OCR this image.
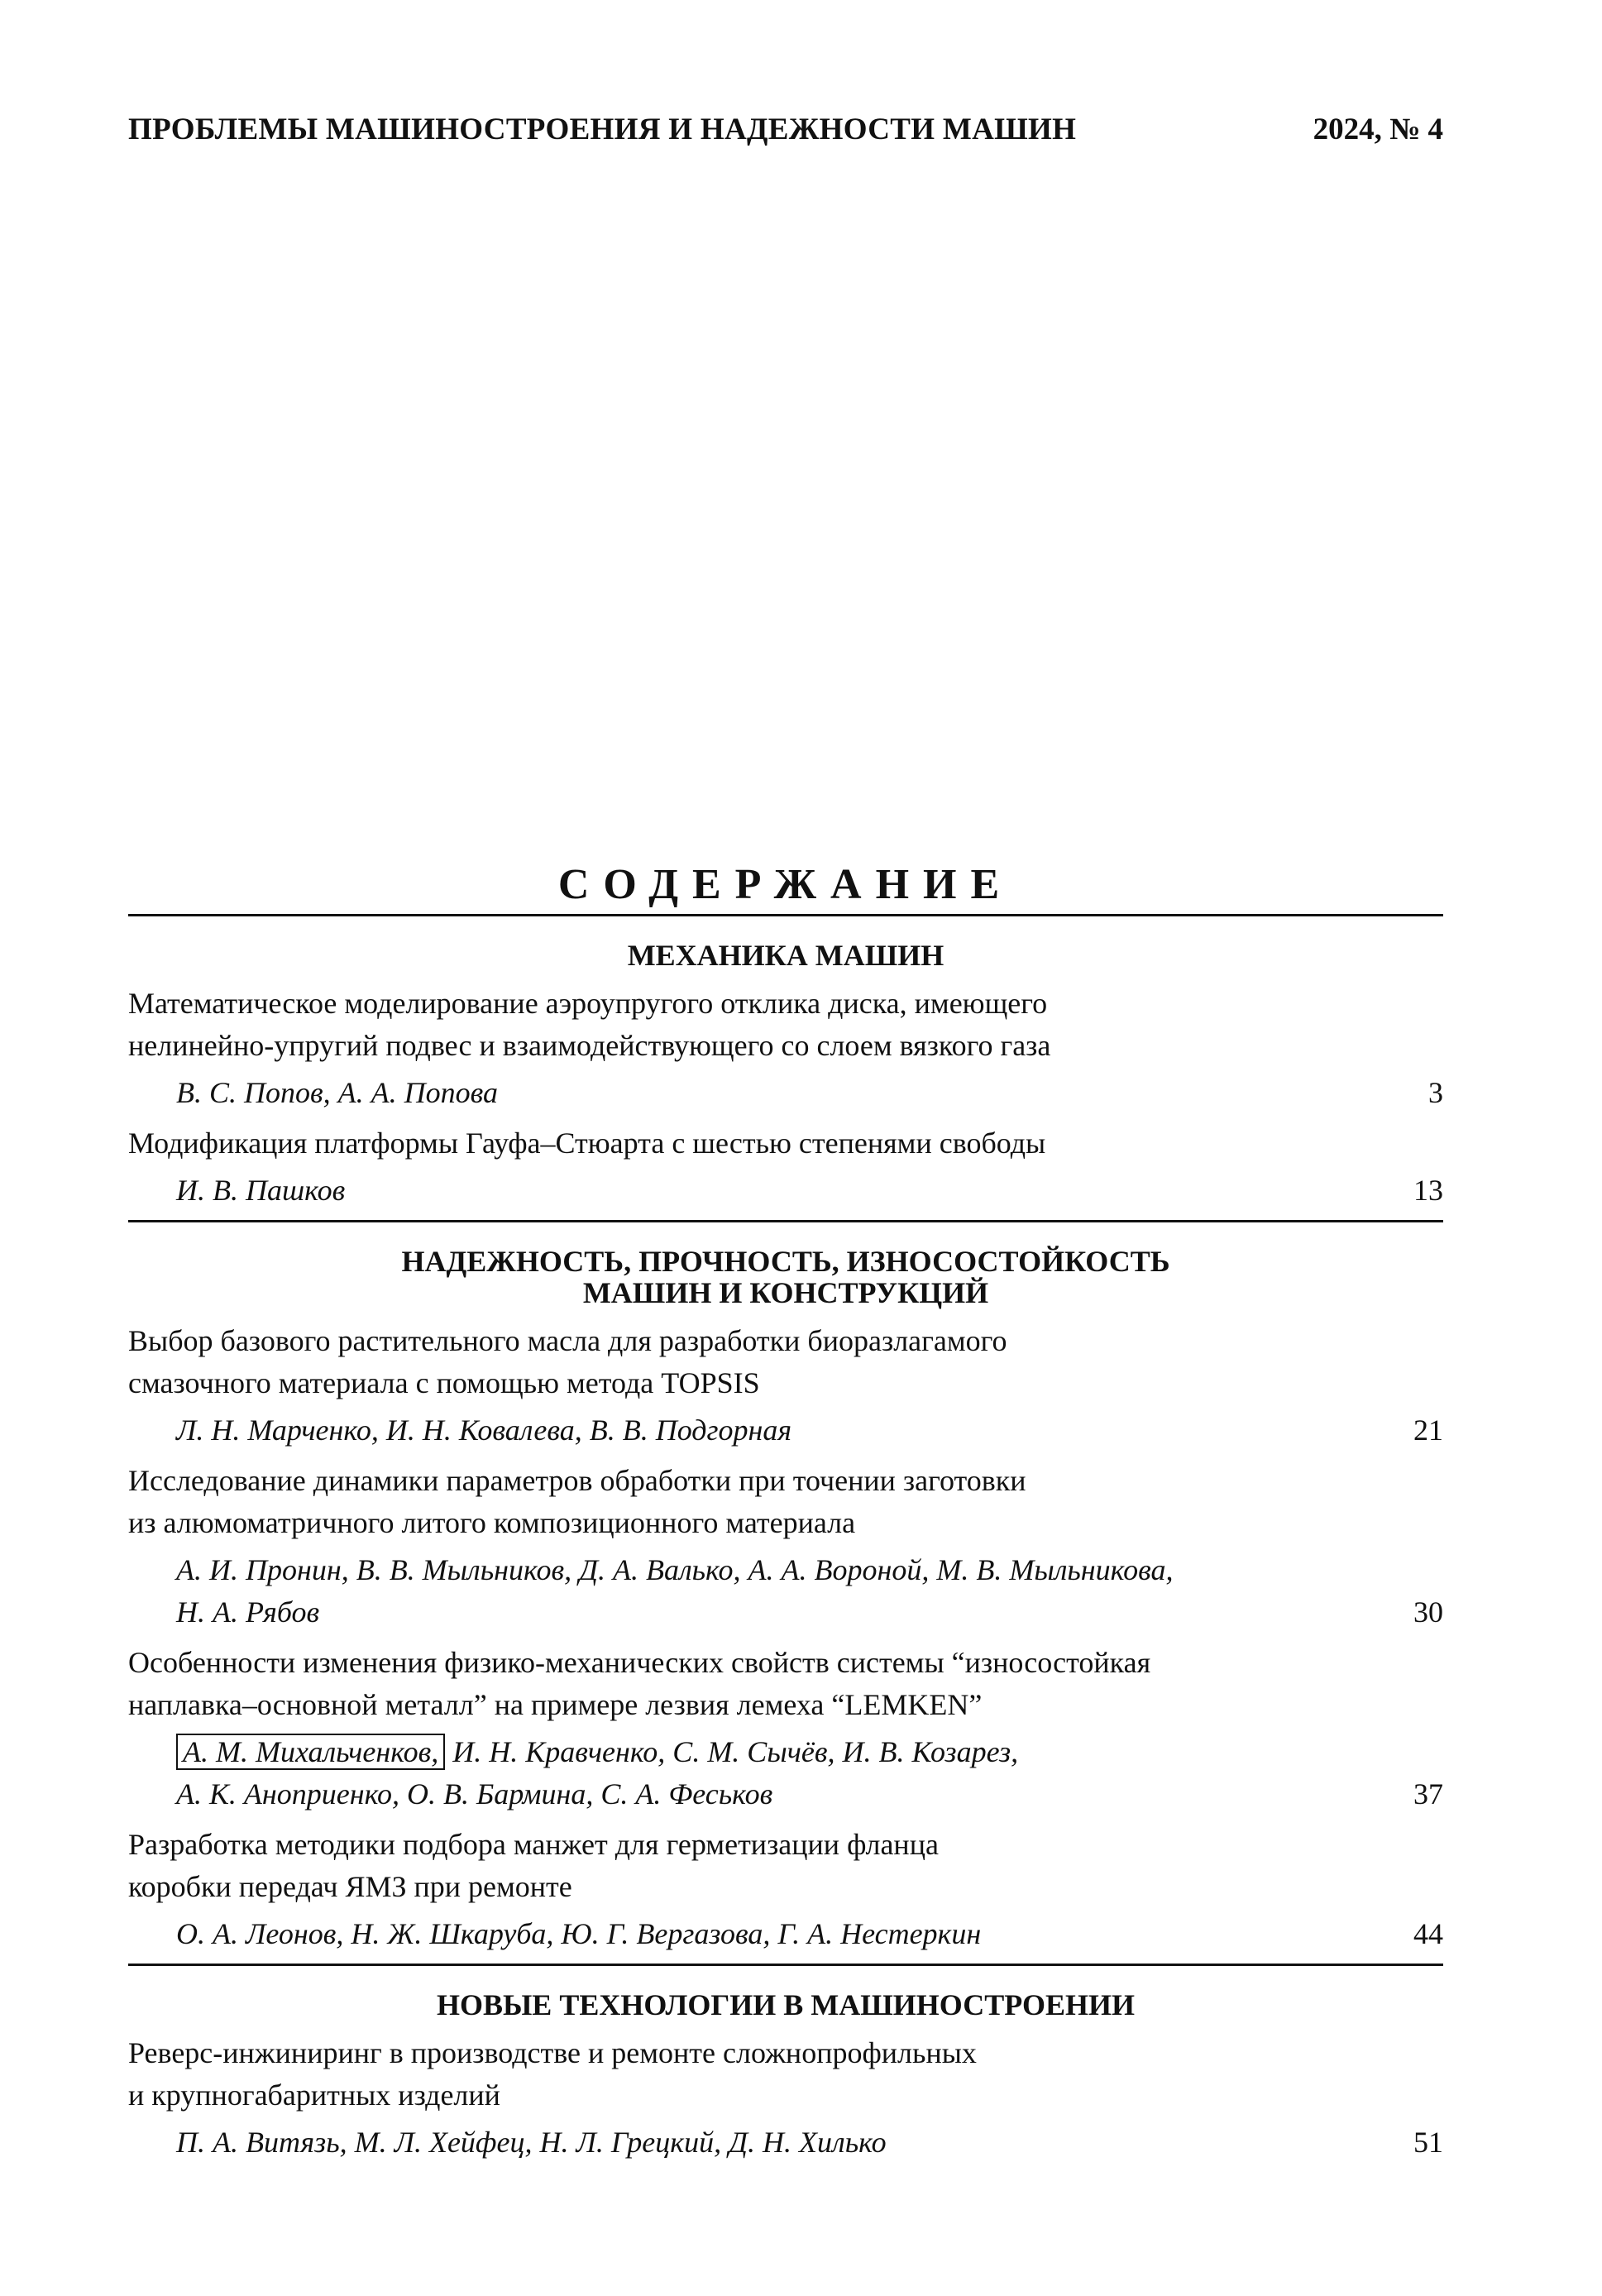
ПРОБЛЕМЫ МАШИНОСТРОЕНИЯ И НАДЕЖНОСТИ МАШИН	2024, № 4
СОДЕРЖАНИЕ
МЕХАНИКА МАШИН
Математическое моделирование аэроупругого отклика диска, имеющего
нелинейно-упругий подвес и взаимодействующего со слоем вязкого газа
В. С. Попов, А. А. Попова	3
Модификация платформы Гауфа–Стюарта с шестью степенями свободы
И. В. Пашков	13
НАДЕЖНОСТЬ, ПРОЧНОСТЬ, ИЗНОСОСТОЙКОСТЬ
МАШИН И КОНСТРУКЦИЙ
Выбор базового растительного масла для разработки биоразлагамого
смазочного материала с помощью метода TOPSIS
Л. Н. Марченко, И. Н. Ковалева, В. В. Подгорная	21
Исследование динамики параметров обработки при точении заготовки
из алюмоматричного литого композиционного материала
А. И. Пронин, В. В. Мыльников, Д. А. Валько, А. А. Вороной, М. В. Мыльникова,
Н. А. Рябов	30
Особенности изменения физико-механических свойств системы “износостойкая
наплавка–основной металл” на примере лезвия лемеха “LEMKEN”
А. М. Михальченков, И. Н. Кравченко, С. М. Сычёв, И. В. Козарез,
А. К. Аноприенко, О. В. Бармина, С. А. Феськов	37
Разработка методики подбора манжет для герметизации фланца
коробки передач ЯМЗ при ремонте
О. А. Леонов, Н. Ж. Шкаруба, Ю. Г. Вергазова, Г. А. Нестеркин	44
НОВЫЕ ТЕХНОЛОГИИ В МАШИНОСТРОЕНИИ
Реверс-инжиниринг в производстве и ремонте сложнопрофильных
и крупногабаритных изделий
П. А. Витязь, М. Л. Хейфец, Н. Л. Грецкий, Д. Н. Хилько	51
